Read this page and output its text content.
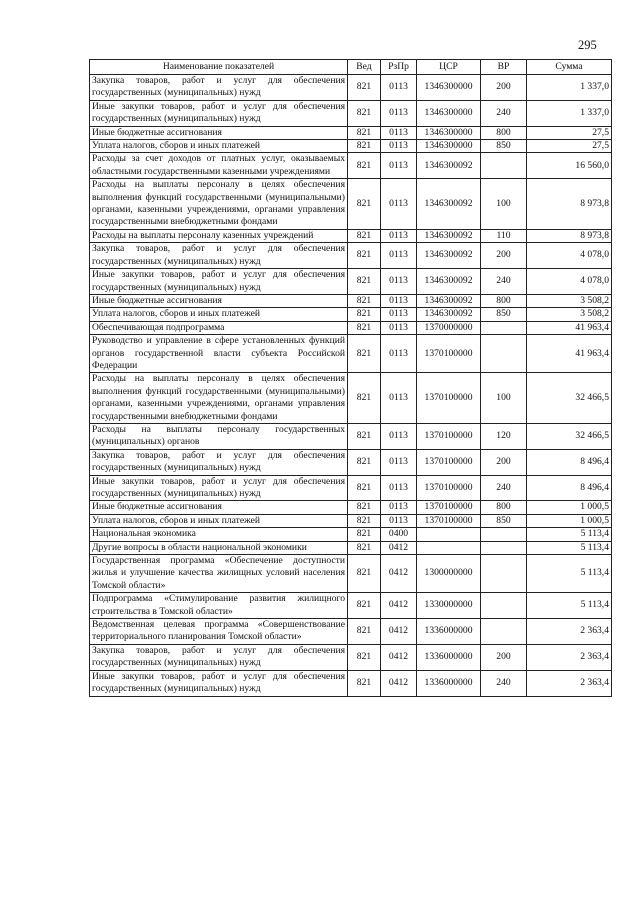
295
Наименование показателей	Вед	РзПр	ЦСР	ВР	Сумма
Закупка товаров, работ и услуг для обеспечения государственных (муниципальных) нужд	821	0113	1346300000	200	1 337,0
Иные закупки товаров, работ и услуг для обеспечения государственных (муниципальных) нужд	821	0113	1346300000	240	1 337,0
Иные бюджетные ассигнования	821	0113	1346300000	800	27,5
Уплата налогов, сборов и иных платежей	821	0113	1346300000	850	27,5
Расходы за счет доходов от платных услуг, оказываемых областными государственными казенными учреждениями	821	0113	1346300092		16 560,0
Расходы на выплаты персоналу в целях обеспечения выполнения функций государственными (муниципальными) органами, казенными учреждениями, органами управления государственными внебюджетными фондами	821	0113	1346300092	100	8 973,8
Расходы на выплаты персоналу казенных учреждений	821	0113	1346300092	110	8 973,8
Закупка товаров, работ и услуг для обеспечения государственных (муниципальных) нужд	821	0113	1346300092	200	4 078,0
Иные закупки товаров, работ и услуг для обеспечения государственных (муниципальных) нужд	821	0113	1346300092	240	4 078,0
Иные бюджетные ассигнования	821	0113	1346300092	800	3 508,2
Уплата налогов, сборов и иных платежей	821	0113	1346300092	850	3 508,2
Обеспечивающая подпрограмма	821	0113	1370000000		41 963,4
Руководство и управление в сфере установленных функций органов государственной власти субъекта Российской Федерации	821	0113	1370100000		41 963,4
Расходы на выплаты персоналу в целях обеспечения выполнения функций государственными (муниципальными) органами, казенными учреждениями, органами управления государственными внебюджетными фондами	821	0113	1370100000	100	32 466,5
Расходы на выплаты персоналу государственных (муниципальных) органов	821	0113	1370100000	120	32 466,5
Закупка товаров, работ и услуг для обеспечения государственных (муниципальных) нужд	821	0113	1370100000	200	8 496,4
Иные закупки товаров, работ и услуг для обеспечения государственных (муниципальных) нужд	821	0113	1370100000	240	8 496,4
Иные бюджетные ассигнования	821	0113	1370100000	800	1 000,5
Уплата налогов, сборов и иных платежей	821	0113	1370100000	850	1 000,5
Национальная экономика	821	0400			5 113,4
Другие вопросы в области национальной экономики	821	0412			5 113,4
Государственная программа «Обеспечение доступности жилья и улучшение качества жилищных условий населения Томской области»	821	0412	1300000000		5 113,4
Подпрограмма «Стимулирование развития жилищного строительства в Томской области»	821	0412	1330000000		5 113,4
Ведомственная целевая программа «Совершенствование территориального планирования Томской области»	821	0412	1336000000		2 363,4
Закупка товаров, работ и услуг для обеспечения государственных (муниципальных) нужд	821	0412	1336000000	200	2 363,4
Иные закупки товаров, работ и услуг для обеспечения государственных (муниципальных) нужд	821	0412	1336000000	240	2 363,4
